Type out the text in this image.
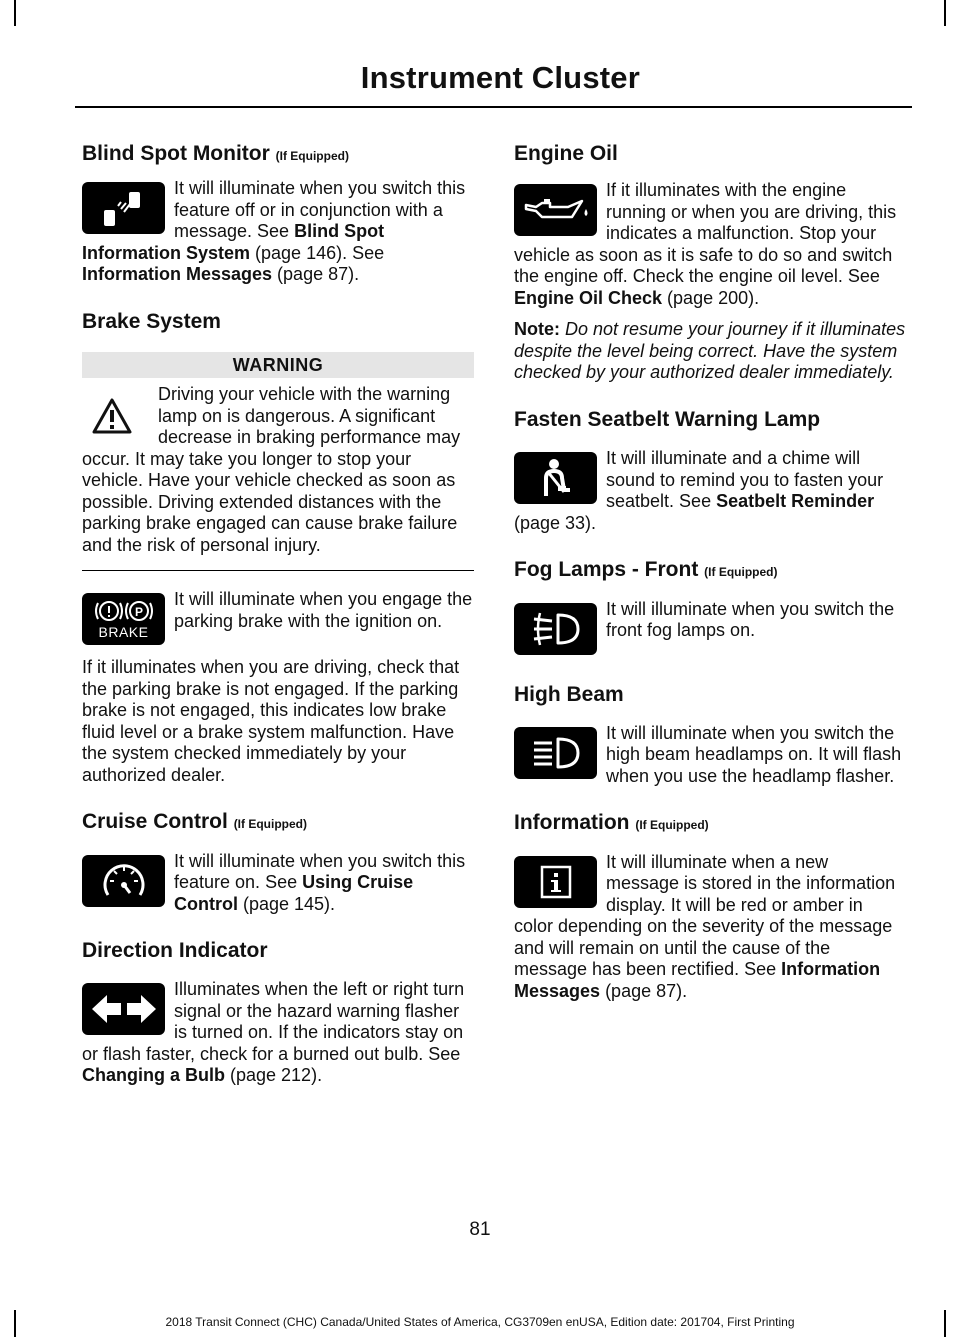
Instrument Cluster
Blind Spot Monitor (If Equipped)

It will illuminate when you switch this feature off or in conjunction with a message. See Blind Spot Information System (page 146). See Information Messages (page 87).

Brake System
WARNING

Driving your vehicle with the warning lamp on is dangerous. A significant decrease in braking performance may occur. It may take you longer to stop your vehicle. Have your vehicle checked as soon as possible. Driving extended distances with the parking brake engaged can cause brake failure and the risk of personal injury.

P
BRAKE

It will illuminate when you engage the parking brake with the ignition on.

If it illuminates when you are driving, check that the parking brake is not engaged. If the parking brake is not engaged, this indicates low brake fluid level or a brake system malfunction. Have the system checked immediately by your authorized dealer.

Cruise Control (If Equipped)

It will illuminate when you switch this feature on. See Using Cruise Control (page 145).

Direction Indicator

Illuminates when the left or right turn signal or the hazard warning flasher is turned on. If the indicators stay on or flash faster, check for a burned out bulb. See Changing a Bulb (page 212).

Engine Oil

If it illuminates with the engine running or when you are driving, this indicates a malfunction. Stop your vehicle as soon as it is safe to do so and switch the engine off. Check the engine oil level. See Engine Oil Check (page 200).

Note: Do not resume your journey if it illuminates despite the level being correct. Have the system checked by your authorized dealer immediately.

Fasten Seatbelt Warning Lamp

It will illuminate and a chime will sound to remind you to fasten your seatbelt. See Seatbelt Reminder (page 33).

Fog Lamps - Front (If Equipped)

It will illuminate when you switch the front fog lamps on.

High Beam

It will illuminate when you switch the high beam headlamps on. It will flash when you use the headlamp flasher.

Information (If Equipped)

It will illuminate when a new message is stored in the information display. It will be red or amber in color depending on the severity of the message and will remain on until the cause of the message has been rectified. See Information Messages (page 87).

81
2018 Transit Connect (CHC) Canada/United States of America, CG3709en enUSA, Edition date: 201704, First Printing
